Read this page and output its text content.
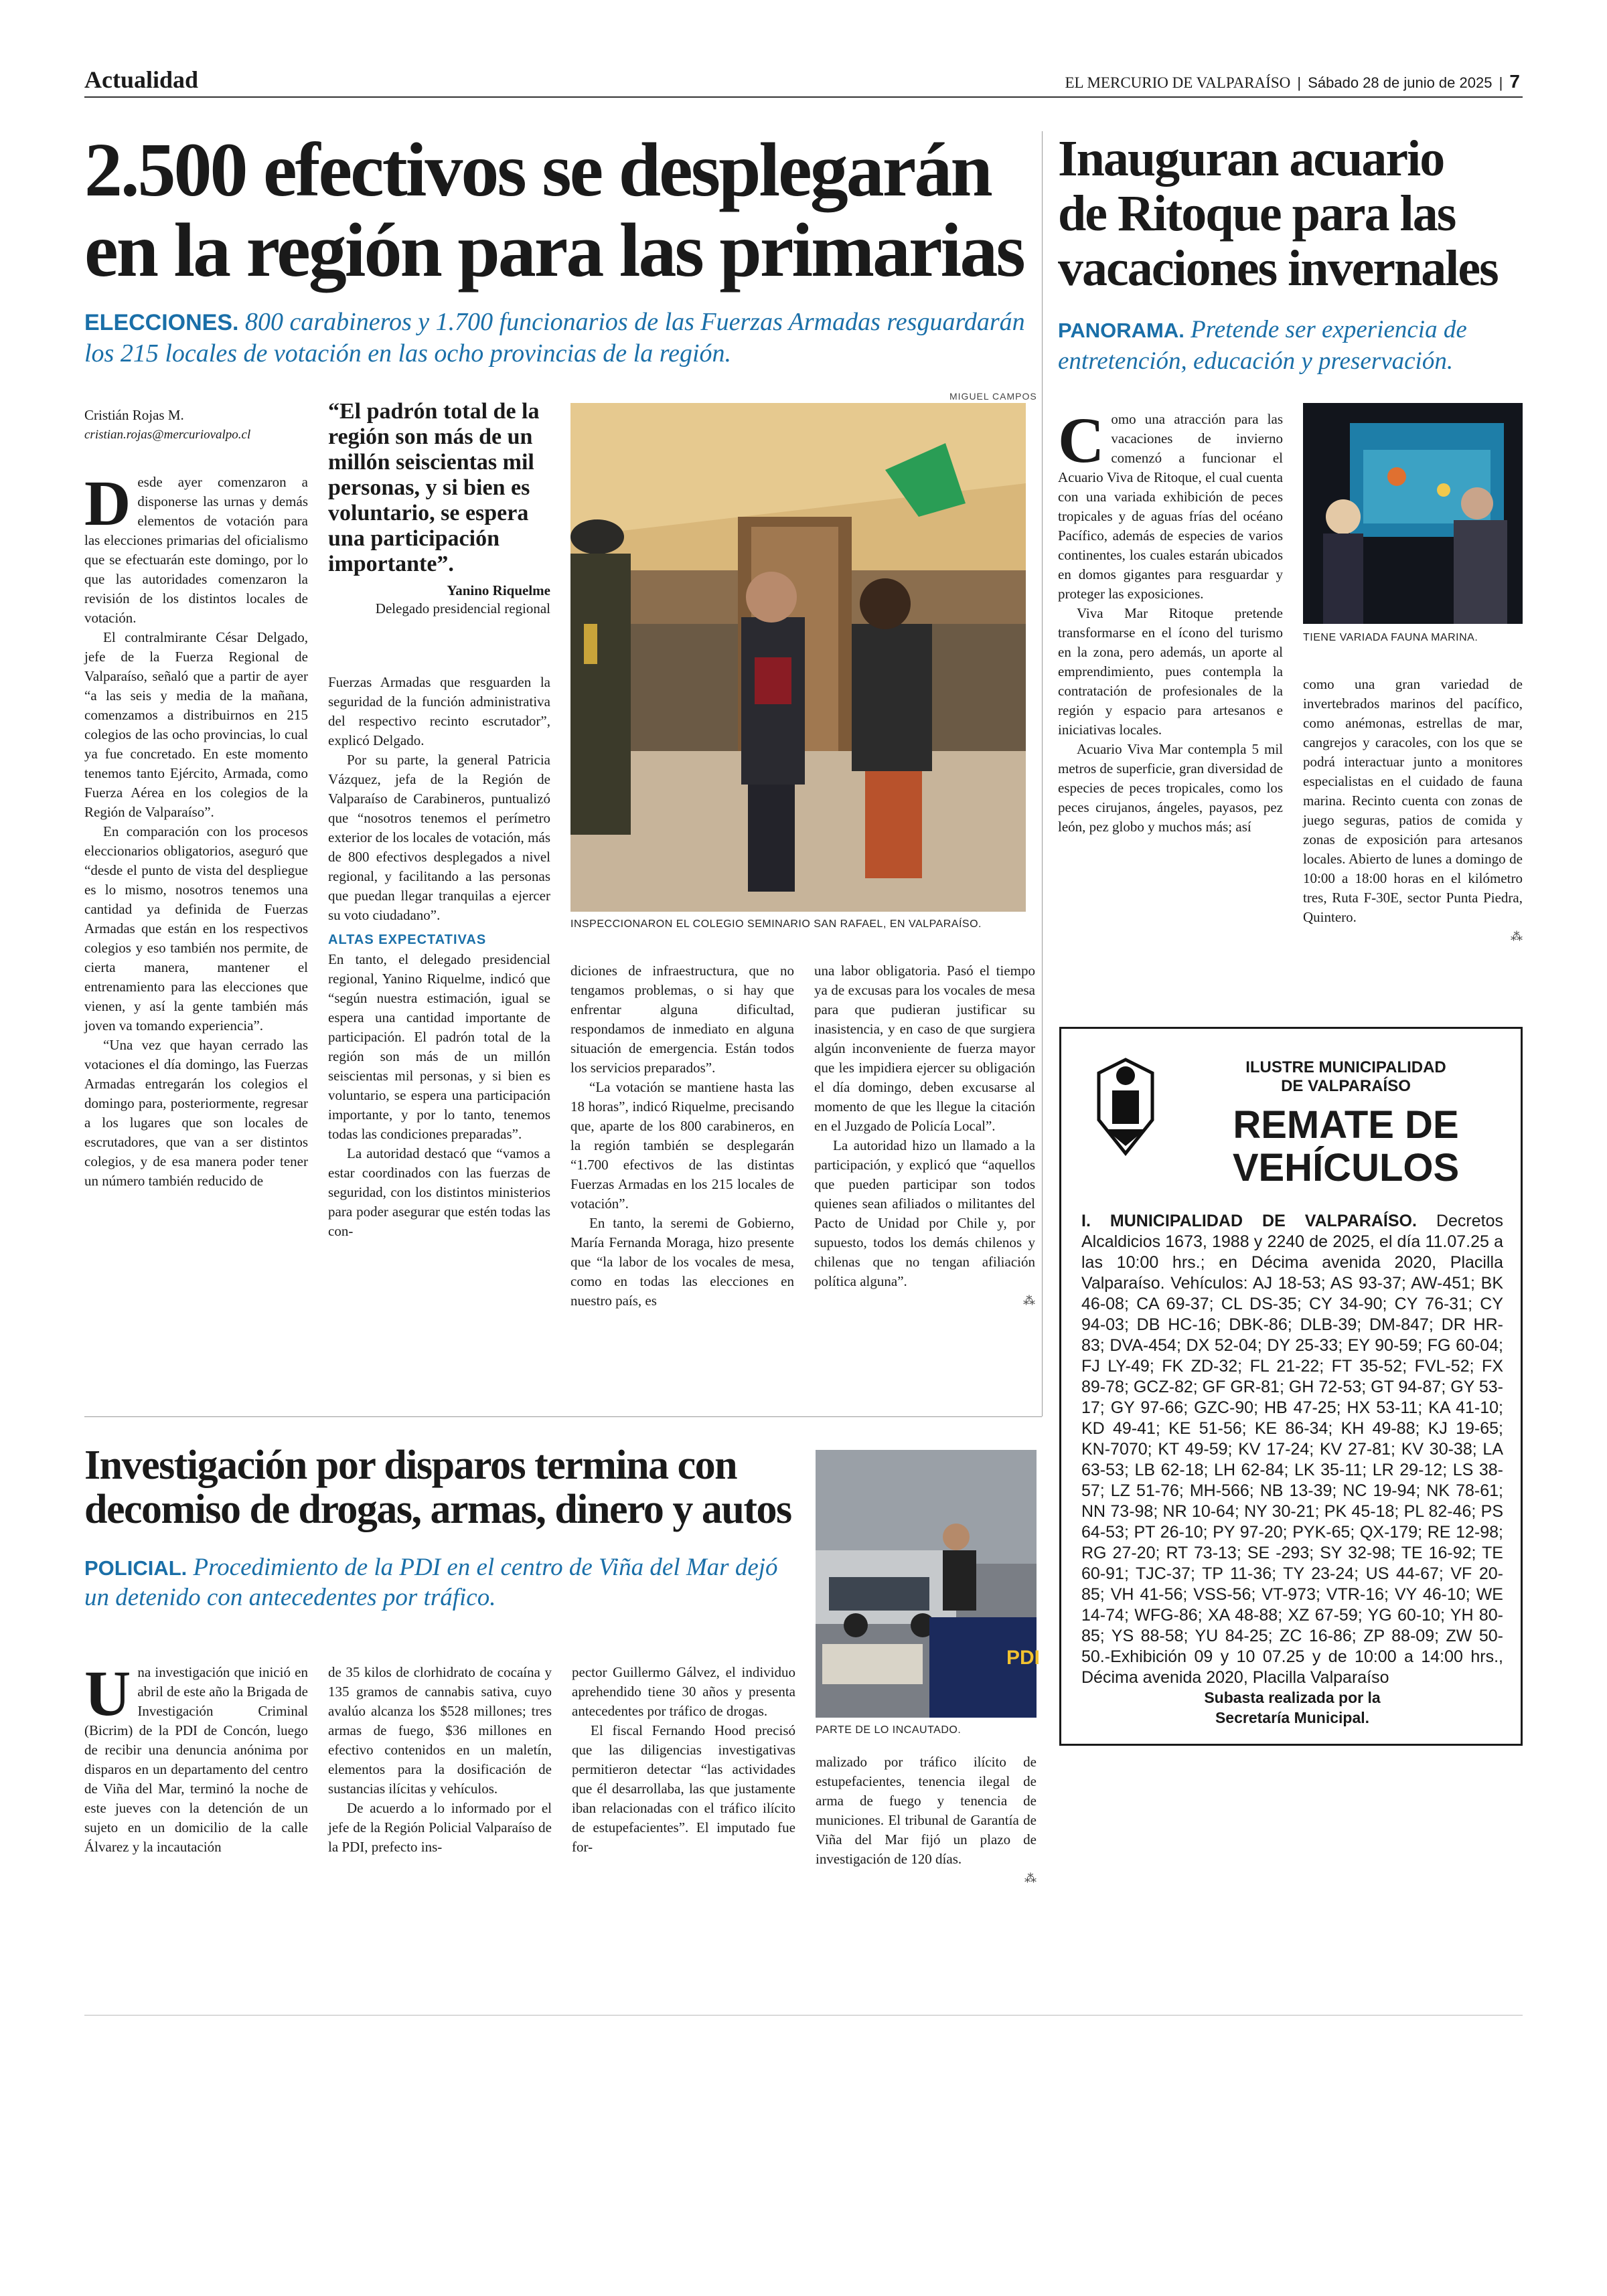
Actualidad	EL MERCURIO DE VALPARAÍSO | Sábado 28 de junio de 2025 | 7
2.500 efectivos se desplegarán
en la región para las primarias
ELECCIONES. 800 carabineros y 1.700 funcionarios de las Fuerzas Armadas resguardarán los 215 locales de votación en las ocho provincias de la región.
Cristián Rojas M.
cristian.rojas@mercuriovalpo.cl
“El padrón total de la región son más de un millón seiscientas mil personas, y si bien es voluntario, se espera una participación importante”.
Yanino Riquelme
Delegado presidencial regional
MIGUEL CAMPOS
INSPECCIONARON EL COLEGIO SEMINARIO SAN RAFAEL, EN VALPARAÍSO.

Desde ayer comenzaron a disponerse las urnas y demás elementos de votación para las elecciones primarias del oficialismo que se efectuarán este domingo, por lo que las autoridades comenzaron la revisión de los distintos locales de votación.

El contralmirante César Delgado, jefe de la Fuerza Regional de Valparaíso, señaló que a partir de ayer “a las seis y media de la mañana, comenzamos a distribuirnos en 215 colegios de las ocho provincias, lo cual ya fue concretado. En este momento tenemos tanto Ejército, Armada, como Fuerza Aérea en los colegios de la Región de Valparaíso”.

En comparación con los procesos eleccionarios obligatorios, aseguró que “desde el punto de vista del despliegue es lo mismo, nosotros tenemos una cantidad ya definida de Fuerzas Armadas que están en los respectivos colegios y eso también nos permite, de cierta manera, mantener el entrenamiento para las elecciones que vienen, y así la gente también más joven va tomando experiencia”.

“Una vez que hayan cerrado las votaciones el día domingo, las Fuerzas Armadas entregarán los colegios el domingo para, posteriormente, regresar a los lugares que son locales de escrutadores, que van a ser distintos colegios, y de esa manera poder tener un número también reducido de

Fuerzas Armadas que resguarden la seguridad de la función administrativa del respectivo recinto escrutador”, explicó Delgado.

Por su parte, la general Patricia Vázquez, jefa de la Región de Valparaíso de Carabineros, puntualizó que “nosotros tenemos el perímetro exterior de los locales de votación, más de 800 efectivos desplegados a nivel regional, y facilitando a las personas que puedan llegar tranquilas a ejercer su voto ciudadano”.

ALTAS EXPECTATIVAS

En tanto, el delegado presidencial regional, Yanino Riquelme, indicó que “según nuestra estimación, igual se espera una cantidad importante de participación. El padrón total de la región son más de un millón seiscientas mil personas, y si bien es voluntario, se espera una participación importante, y por lo tanto, tenemos todas las condiciones preparadas”.

La autoridad destacó que “vamos a estar coordinados con las fuerzas de seguridad, con los distintos ministerios para poder asegurar que estén todas las con-

diciones de infraestructura, que no tengamos problemas, o si hay que enfrentar alguna dificultad, respondamos de inmediato en alguna situación de emergencia. Están todos los servicios preparados”.

“La votación se mantiene hasta las 18 horas”, indicó Riquelme, precisando que, aparte de los 800 carabineros, en la región también se desplegarán “1.700 efectivos de las distintas Fuerzas Armadas en los 215 locales de votación”.

En tanto, la seremi de Gobierno, María Fernanda Moraga, hizo presente que “la labor de los vocales de mesa, como en todas las elecciones en nuestro país, es

una labor obligatoria. Pasó el tiempo ya de excusas para los vocales de mesa para que pudieran justificar su inasistencia, y en caso de que surgiera algún inconveniente de fuerza mayor que les impidiera ejercer su obligación el día domingo, deben excusarse al momento de que les llegue la citación en el Juzgado de Policía Local”.

La autoridad hizo un llamado a la participación, y explicó que “aquellos que pueden participar son todos quienes sean afiliados o militantes del Pacto de Unidad por Chile y, por supuesto, todos los demás chilenos y chilenas que no tengan afiliación política alguna”.

⁂
Inauguran acuario
de Ritoque para las
vacaciones invernales
PANORAMA. Pretende ser experiencia de entretención, educación y preservación.
TIENE VARIADA FAUNA MARINA.

Como una atracción para las vacaciones de invierno comenzó a funcionar el Acuario Viva de Ritoque, el cual cuenta con una variada exhibición de peces tropicales y de aguas frías del océano Pacífico, además de especies de varios continentes, los cuales estarán ubicados en domos gigantes para resguardar y proteger las exposiciones.

Viva Mar Ritoque pretende transformarse en el ícono del turismo en la zona, pero además, un aporte al emprendimiento, pues contempla la contratación de profesionales de la región y espacio para artesanos e iniciativas locales.

Acuario Viva Mar contempla 5 mil metros de superficie, gran diversidad de especies de peces tropicales, como los peces cirujanos, ángeles, payasos, pez león, pez globo y muchos más; así

como una gran variedad de invertebrados marinos del pacífico, como anémonas, estrellas de mar, cangrejos y caracoles, con los que se podrá interactuar junto a monitores especialistas en el cuidado de fauna marina. Recinto cuenta con zonas de juego seguras, patios de comida y zonas de exposición para artesanos locales. Abierto de lunes a domingo de 10:00 a 18:00 horas en el kilómetro tres, Ruta F-30E, sector Punta Piedra, Quintero.

⁂
ILUSTRE MUNICIPALIDAD
DE VALPARAÍSO
REMATE DE
VEHÍCULOS
I. MUNICIPALIDAD DE VALPARAÍSO. Decretos Alcaldicios 1673, 1988 y 2240 de 2025, el día 11.07.25 a las 10:00 hrs.; en Décima avenida 2020, Placilla Valparaíso. Vehículos: AJ 18-53; AS 93-37; AW-451; BK 46-08; CA 69-37; CL DS-35; CY 34-90; CY 76-31; CY 94-03; DB HC-16; DBK-86; DLB-39; DM-847; DR HR-83; DVA-454; DX 52-04; DY 25-33; EY 90-59; FG 60-04; FJ LY-49; FK ZD-32; FL 21-22; FT 35-52; FVL-52; FX 89-78; GCZ-82; GF GR-81; GH 72-53; GT 94-87; GY 53-17; GY 97-66; GZC-90; HB 47-25; HX 53-11; KA 41-10; KD 49-41; KE 51-56; KE 86-34; KH 49-88; KJ 19-65; KN-7070; KT 49-59; KV 17-24; KV 27-81; KV 30-38; LA 63-53; LB 62-18; LH 62-84; LK 35-11; LR 29-12; LS 38-57; LZ 51-76; MH-566; NB 13-39; NC 19-94; NK 78-61; NN 73-98; NR 10-64; NY 30-21; PK 45-18; PL 82-46; PS 64-53; PT 26-10; PY 97-20; PYK-65; QX-179; RE 12-98; RG 27-20; RT 73-13; SE -293; SY 32-98; TE 16-92; TE 60-91; TJC-37; TP 11-36; TY 23-24; US 44-67; VF 20-85; VH 41-56; VSS-56; VT-973; VTR-16; VY 46-10; WE 14-74; WFG-86; XA 48-88; XZ 67-59; YG 60-10; YH 80-85; YS 88-58; YU 84-25; ZC 16-86; ZP 88-09; ZW 50-50.-Exhibición 09 y 10 07.25 y de 10:00 a 14:00 hrs., Décima avenida 2020, Placilla Valparaíso
Subasta realizada por la
Secretaría Municipal.
Investigación por disparos termina con
decomiso de drogas, armas, dinero y autos
POLICIAL. Procedimiento de la PDI en el centro de Viña del Mar dejó un detenido con antecedentes por tráfico.
PDI
PARTE DE LO INCAUTADO.

Una investigación que inició en abril de este año la Brigada de Investigación Criminal (Bicrim) de la PDI de Concón, luego de recibir una denuncia anónima por disparos en un departamento del centro de Viña del Mar, terminó la noche de este jueves con la detención de un sujeto en un domicilio de la calle Álvarez y la incautación

de 35 kilos de clorhidrato de cocaína y 135 gramos de cannabis sativa, cuyo avalúo alcanza los $528 millones; tres armas de fuego, $36 millones en efectivo contenidos en un maletín, elementos para la dosificación de sustancias ilícitas y vehículos.

De acuerdo a lo informado por el jefe de la Región Policial Valparaíso de la PDI, prefecto ins-

pector Guillermo Gálvez, el individuo aprehendido tiene 30 años y presenta antecedentes por tráfico de drogas.

El fiscal Fernando Hood precisó que las diligencias investigativas permitieron detectar “las actividades que él desarrollaba, las que justamente iban relacionadas con el tráfico ilícito de estupefacientes”. El imputado fue for-

malizado por tráfico ilícito de estupefacientes, tenencia ilegal de arma de fuego y tenencia de municiones. El tribunal de Garantía de Viña del Mar fijó un plazo de investigación de 120 días.

⁂
